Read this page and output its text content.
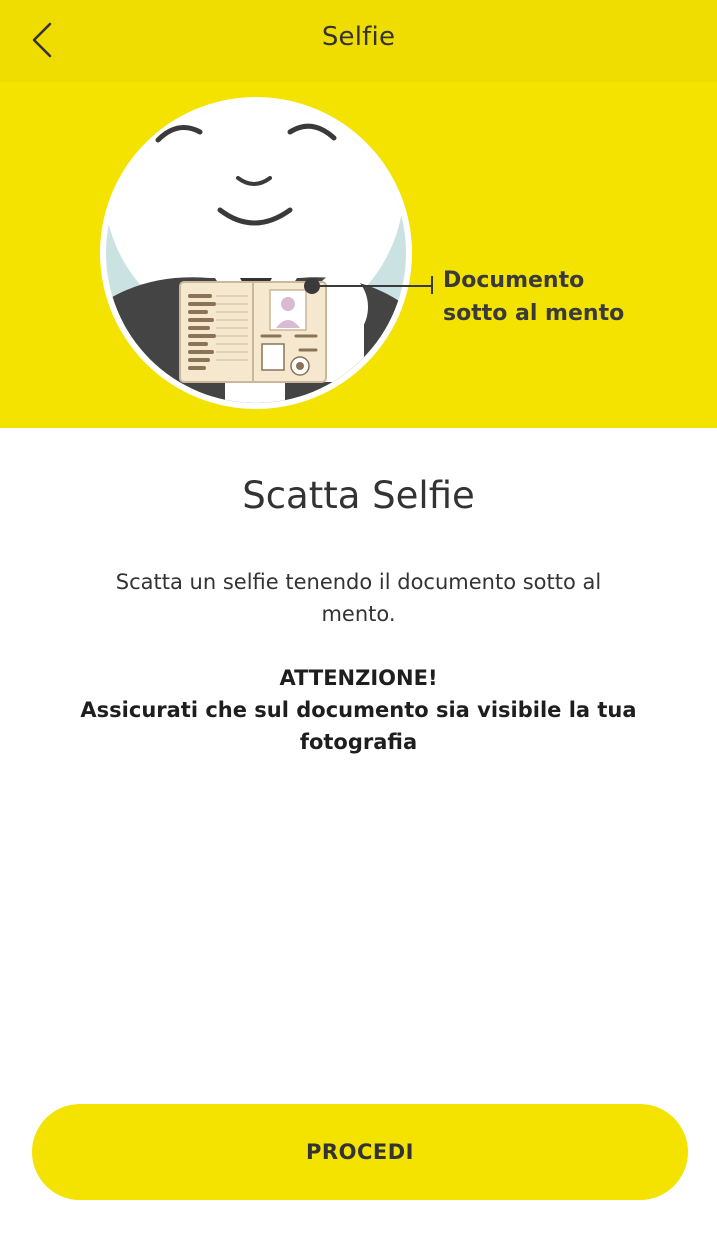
Selfie
Documento
sotto al mento
Scatta Selfie
Scatta un selfie tenendo il documento sotto al mento.
ATTENZIONE!
Assicurati che sul documento sia visibile la tua fotografia
PROCEDI
